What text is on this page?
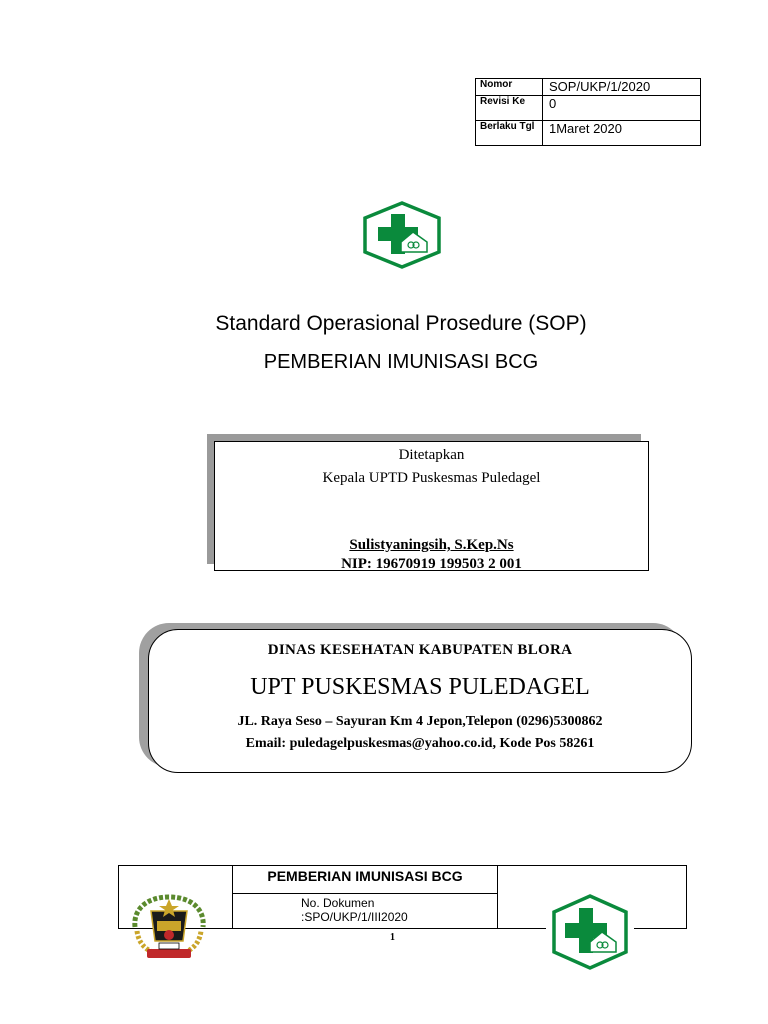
Nomor	SOP/UKP/1/2020
Revisi Ke	0
Berlaku Tgl	1Maret 2020
Standard Operasional Prosedure (SOP)
PEMBERIAN IMUNISASI BCG
Ditetapkan
Kepala UPTD Puskesmas Puledagel
Sulistyaningsih, S.Kep.Ns
NIP: 19670919 199503 2 001
DINAS KESEHATAN KABUPATEN BLORA
UPT PUSKESMAS PULEDAGEL
JL. Raya Seso – Sayuran Km 4 Jepon,Telepon (0296)5300862
Email: puledagelpuskesmas@yahoo.co.id, Kode Pos 58261
PEMBERIAN IMUNISASI BCG
No. Dokumen
:SPO/UKP/1/III2020
1
